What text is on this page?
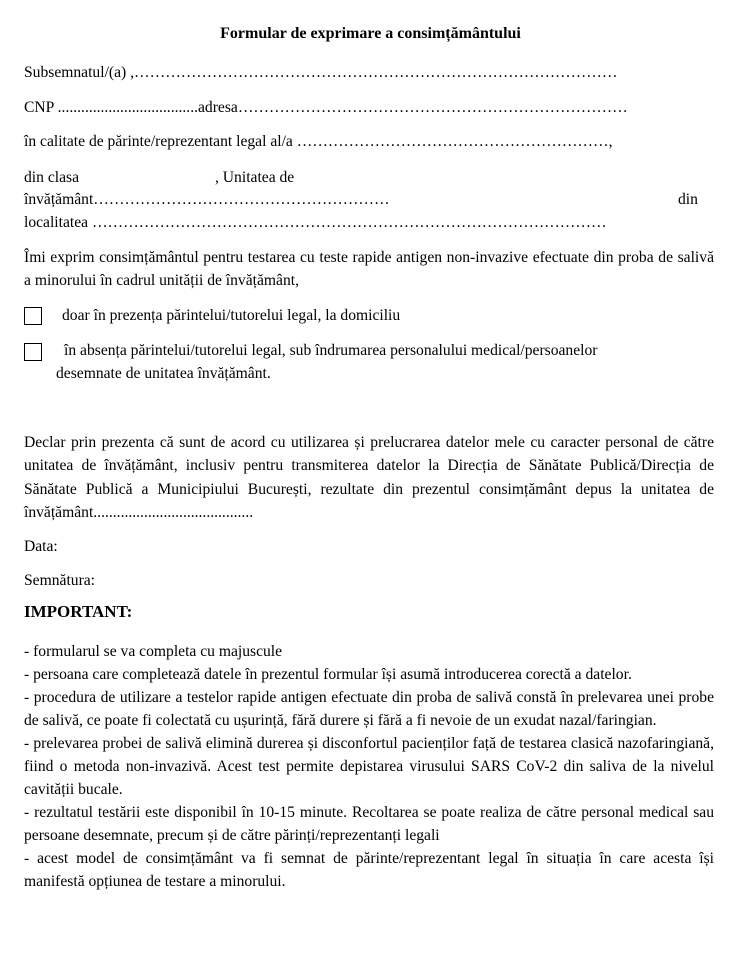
Formular de exprimare a consimțământului
Subsemnatul/(a) ,…………………………………………………………………………………
CNP ....................................adresa…………………………………………………………………
în calitate de părinte/reprezentant legal al/a ……………………………………………………,
din clasa	, Unitatea de
învățământ…………………………………………………	din
localitatea ………………………………………………………………………………………
Îmi exprim consimțământul pentru testarea cu teste rapide antigen non-invazive efectuate din proba de salivă a minorului în cadrul unității de învățământ,
doar în prezența părintelui/tutorelui legal, la domiciliu
în absența părintelui/tutorelui legal, sub îndrumarea personalului medical/persoanelor
desemnate de unitatea învățământ.
Declar prin prezenta că sunt de acord cu utilizarea și prelucrarea datelor mele cu caracter personal de către unitatea de învățământ, inclusiv pentru transmiterea datelor la Direcția de Sănătate Publică/Direcția de Sănătate Publică a Municipiului București, rezultate din prezentul consimțământ depus la unitatea de învățământ.........................................
Data:
Semnătura:
IMPORTANT:
- formularul se va completa cu majuscule
- persoana care completează datele în prezentul formular își asumă introducerea corectă a datelor.
- procedura de utilizare a testelor rapide antigen efectuate din proba de salivă constă în prelevarea unei probe de salivă, ce poate fi colectată cu ușurință, fără durere și fără a fi nevoie de un exudat nazal/faringian.
- prelevarea probei de salivă elimină durerea și disconfortul pacienților față de testarea clasică nazofaringiană, fiind o metoda non-invazivă. Acest test permite depistarea virusului SARS CoV-2 din saliva de la nivelul cavității bucale.
- rezultatul testării este disponibil în 10-15 minute. Recoltarea se poate realiza de către personal medical sau persoane desemnate, precum și de către părinți/reprezentanți legali
- acest model de consimțământ va fi semnat de părinte/reprezentant legal în situația în care acesta își manifestă opțiunea de testare a minorului.
